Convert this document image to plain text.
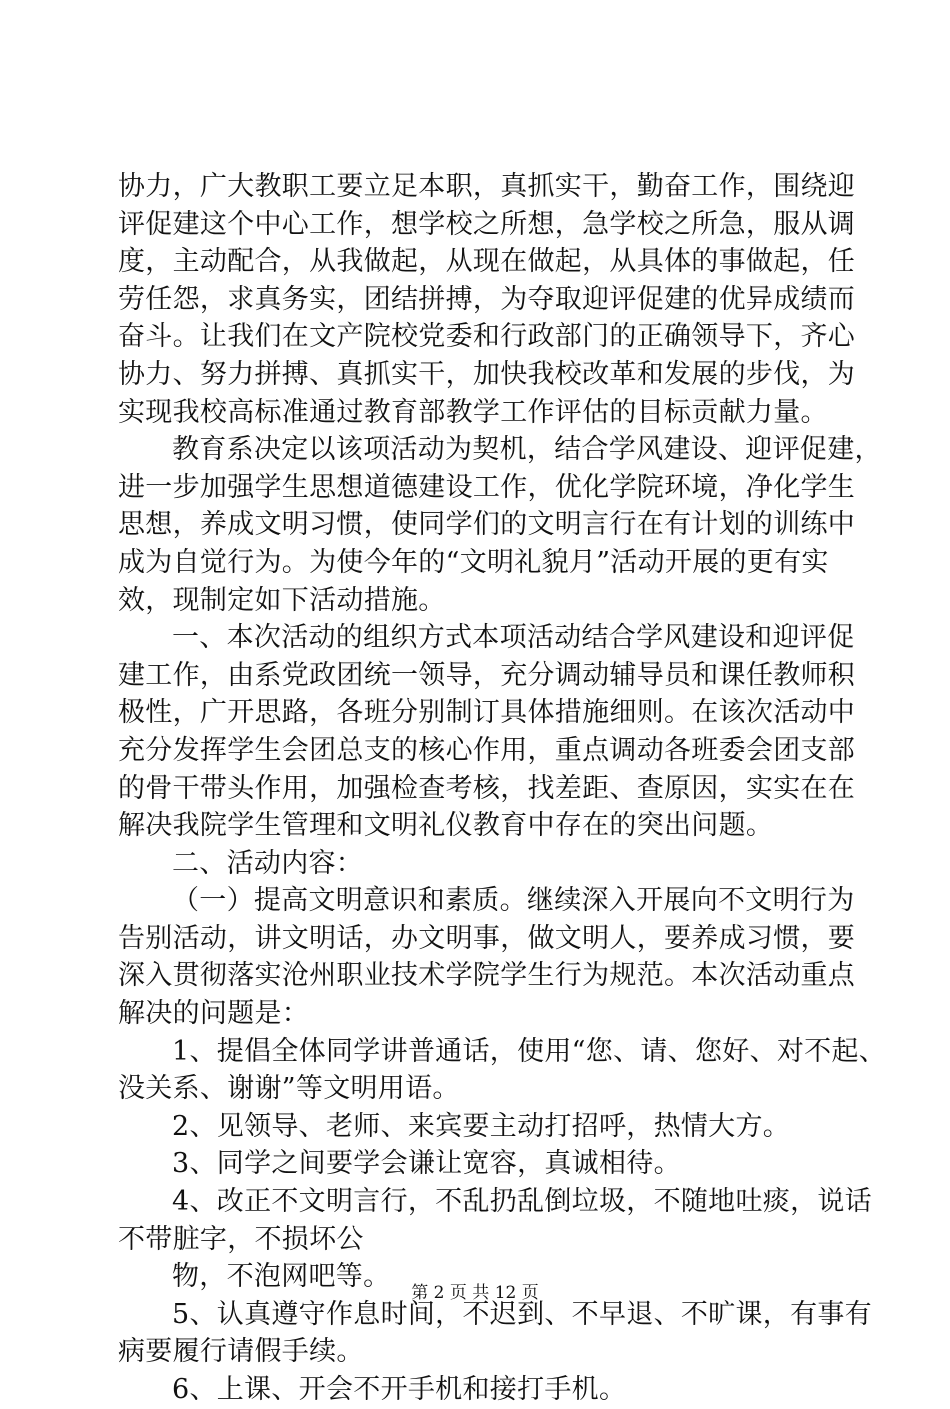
协力，广大教职工要立足本职，真抓实干，勤奋工作，围绕迎
评促建这个中心工作，想学校之所想，急学校之所急，服从调
度，主动配合，从我做起，从现在做起，从具体的事做起，任
劳任怨，求真务实，团结拼搏，为夺取迎评促建的优异成绩而
奋斗。让我们在文产院校党委和行政部门的正确领导下，齐心
协力、努力拼搏、真抓实干，加快我校改革和发展的步伐，为
实现我校高标准通过教育部教学工作评估的目标贡献力量。
教育系决定以该项活动为契机，结合学风建设、迎评促建，
进一步加强学生思想道德建设工作，优化学院环境，净化学生
思想，养成文明习惯，使同学们的文明言行在有计划的训练中
成为自觉行为。为使今年的“文明礼貌月”活动开展的更有实
效，现制定如下活动措施。
一、本次活动的组织方式本项活动结合学风建设和迎评促
建工作，由系党政团统一领导，充分调动辅导员和课任教师积
极性，广开思路，各班分别制订具体措施细则。在该次活动中
充分发挥学生会团总支的核心作用，重点调动各班委会团支部
的骨干带头作用，加强检查考核，找差距、查原因，实实在在
解决我院学生管理和文明礼仪教育中存在的突出问题。
二、活动内容：
（一）提高文明意识和素质。继续深入开展向不文明行为
告别活动，讲文明话，办文明事，做文明人，要养成习惯，要
深入贯彻落实沧州职业技术学院学生行为规范。本次活动重点
解决的问题是：
1、提倡全体同学讲普通话，使用“您、请、您好、对不起、
没关系、谢谢”等文明用语。
2、见领导、老师、来宾要主动打招呼，热情大方。
3、同学之间要学会谦让宽容，真诚相待。
4、改正不文明言行，不乱扔乱倒垃圾，不随地吐痰，说话
不带脏字，不损坏公
物，不泡网吧等。
5、认真遵守作息时间，不迟到、不早退、不旷课，有事有
病要履行请假手续。
6、上课、开会不开手机和接打手机。
第 2 页 共 12 页
